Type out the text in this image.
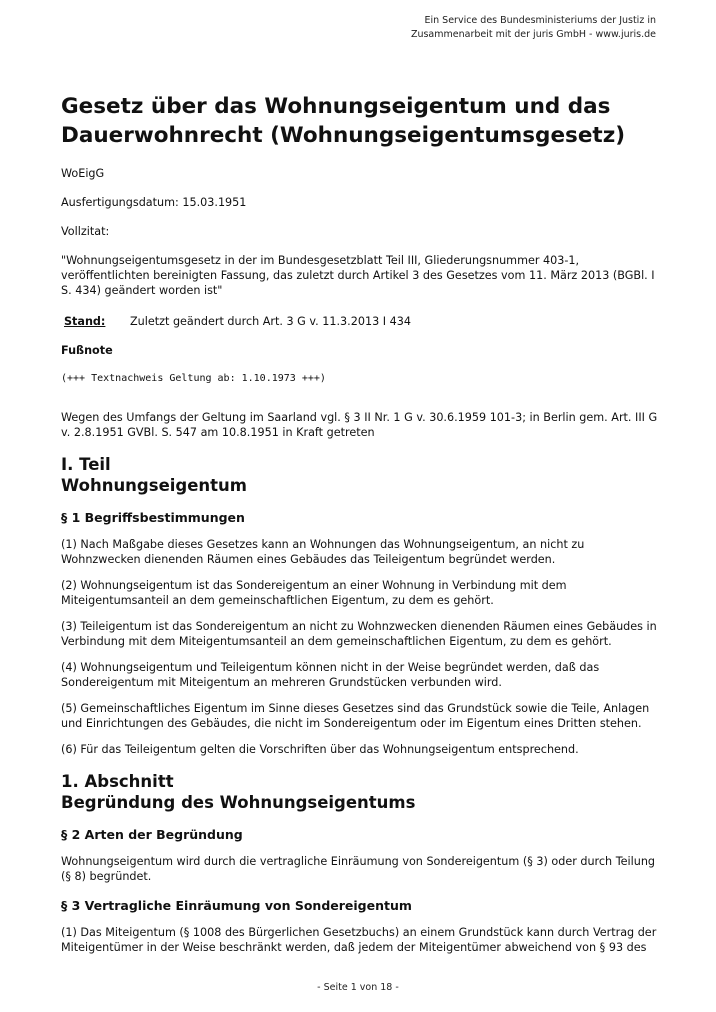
Ein Service des Bundesministeriums der Justiz in
Zusammenarbeit mit der juris GmbH - www.juris.de
Gesetz über das Wohnungseigentum und das
Dauerwohnrecht (Wohnungseigentumsgesetz)

WoEigG

Ausfertigungsdatum: 15.03.1951

Vollzitat:

"Wohnungseigentumsgesetz in der im Bundesgesetzblatt Teil III, Gliederungsnummer 403-1, veröffentlichten bereinigten Fassung, das zuletzt durch Artikel 3 des Gesetzes vom 11. März 2013 (BGBl. I S. 434) geändert worden ist"

Stand:	Zuletzt geändert durch Art. 3 G v. 11.3.2013 I 434

Fußnote

(+++ Textnachweis Geltung ab: 1.10.1973 +++)

Wegen des Umfangs der Geltung im Saarland vgl. § 3 II Nr. 1 G v. 30.6.1959 101-3; in Berlin gem. Art. III G v. 2.8.1951 GVBl. S. 547 am 10.8.1951 in Kraft getreten

I. Teil
Wohnungseigentum
§ 1 Begriffsbestimmungen

(1) Nach Maßgabe dieses Gesetzes kann an Wohnungen das Wohnungseigentum, an nicht zu Wohnzwecken dienenden Räumen eines Gebäudes das Teileigentum begründet werden.

(2) Wohnungseigentum ist das Sondereigentum an einer Wohnung in Verbindung mit dem Miteigentumsanteil an dem gemeinschaftlichen Eigentum, zu dem es gehört.

(3) Teileigentum ist das Sondereigentum an nicht zu Wohnzwecken dienenden Räumen eines Gebäudes in Verbindung mit dem Miteigentumsanteil an dem gemeinschaftlichen Eigentum, zu dem es gehört.

(4) Wohnungseigentum und Teileigentum können nicht in der Weise begründet werden, daß das Sondereigentum mit Miteigentum an mehreren Grundstücken verbunden wird.

(5) Gemeinschaftliches Eigentum im Sinne dieses Gesetzes sind das Grundstück sowie die Teile, Anlagen und Einrichtungen des Gebäudes, die nicht im Sondereigentum oder im Eigentum eines Dritten stehen.

(6) Für das Teileigentum gelten die Vorschriften über das Wohnungseigentum entsprechend.

1. Abschnitt
Begründung des Wohnungseigentums
§ 2 Arten der Begründung

Wohnungseigentum wird durch die vertragliche Einräumung von Sondereigentum (§ 3) oder durch Teilung (§ 8) begründet.

§ 3 Vertragliche Einräumung von Sondereigentum

(1) Das Miteigentum (§ 1008 des Bürgerlichen Gesetzbuchs) an einem Grundstück kann durch Vertrag der Miteigentümer in der Weise beschränkt werden, daß jedem der Miteigentümer abweichend von § 93 des

- Seite 1 von 18 -
